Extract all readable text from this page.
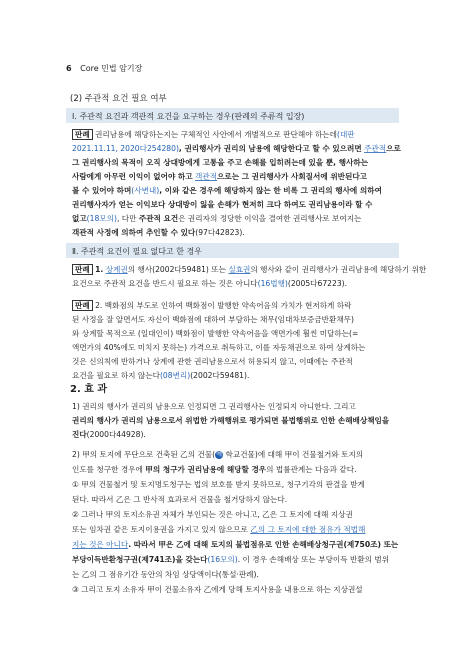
6 Core 민법 암기장
(2) 주관적 요건 필요 여부
Ⅰ. 주관적 요건과 객관적 요건을 요구하는 경우(판례의 주류적 입장)
판례 권리남용에 해당하는지는 구체적인 사안에서 개별적으로 판단해야 하는데(대판
2021.11.11, 2020다254280), 권리행사가 권리의 남용에 해당한다고 할 수 있으려면 주관적으로
그 권리행사의 목적이 오직 상대방에게 고통을 주고 손해를 입히려는데 있을 뿐, 행사하는
사람에게 아무런 이익이 없어야 하고 객관적으로는 그 권리행사가 사회질서에 위반된다고
볼 수 있어야 하며(사변내), 이와 같은 경우에 해당하지 않는 한 비록 그 권리의 행사에 의하여
권리행사자가 얻는 이익보다 상대방이 잃을 손해가 현저히 크다 하여도 권리남용이라 할 수
없고(18모의), 다만 주관적 요건은 권리자의 정당한 이익을 결여한 권리행사로 보여지는
객관적 사정에 의하여 추인할 수 있다(97다42823).
Ⅱ. 주관적 요건이 필요 없다고 한 경우
판례 1. 상계권의 행사(2002다59481) 또는 실효권의 행사와 같이 권리행사가 권리남용에 해당하기 위한
요건으로 주관적 요건을 반드시 필요로 하는 것은 아니다(16법행)(2005다67223).
판례 2. 백화점의 부도로 인하여 백화점이 발행한 약속어음의 가치가 현저하게 하락
된 사정을 잘 알면서도 자신이 백화점에 대하여 부담하는 채무(임대차보증금반환채무)
와 상계할 목적으로 (일대인이) 백화점이 발행한 약속어음을 액면가에 훨씬 미달하는(=
액면가의 40%에도 미치지 못하는) 가격으로 취득하고, 이를 자동채권으로 하여 상계하는
것은 신의칙에 반하거나 상계에 관한 권리남용으로서 허용되지 않고, 이때에는 주관적
요건을 필요로 하지 않는다(08변리)(2002다59481).
2. 효 과
1) 권리의 행사가 권리의 남용으로 인정되면 그 권리행사는 인정되지 아니한다. 그리고
권리의 행사가 권리의 남용으로서 위법한 가해행위로 평가되면 불법행위로 인한 손해배상책임을
진다(2000다44928).
2) 甲의 토지에 무단으로 건축된 乙의 건물(예 학교건물)에 대해 甲이 건물철거와 토지의
인도를 청구한 경우에 甲의 청구가 권리남용에 해당할 경우의 법률관계는 다음과 같다.
① 甲의 건물철거 및 토지명도청구는 법의 보호를 받지 못하므로, 청구기각의 판결을 받게
된다. 따라서 乙은 그 반사적 효과로서 건물을 철거당하지 않는다.
② 그러나 甲의 토지소유권 자체가 부인되는 것은 아니고, 乙은 그 토지에 대해 지상권
또는 임차권 같은 토지이용권을 가지고 있지 않으므로 乙의 그 토지에 대한 점유가 적법해
지는 것은 아니다. 따라서 甲은 乙에 대해 토지의 불법점유로 인한 손해배상청구권(제750조) 또는
부당이득반환청구권(제741조)을 갖는다(16모의). 이 경우 손해배상 또는 부당이득 반환의 범위
는 乙의 그 점유기간 동안의 차임 상당액이다(통설·판례).
③ 그리고 토지 소유자 甲이 건물소유자 乙에게 당해 토지사용을 내용으로 하는 지상권설
